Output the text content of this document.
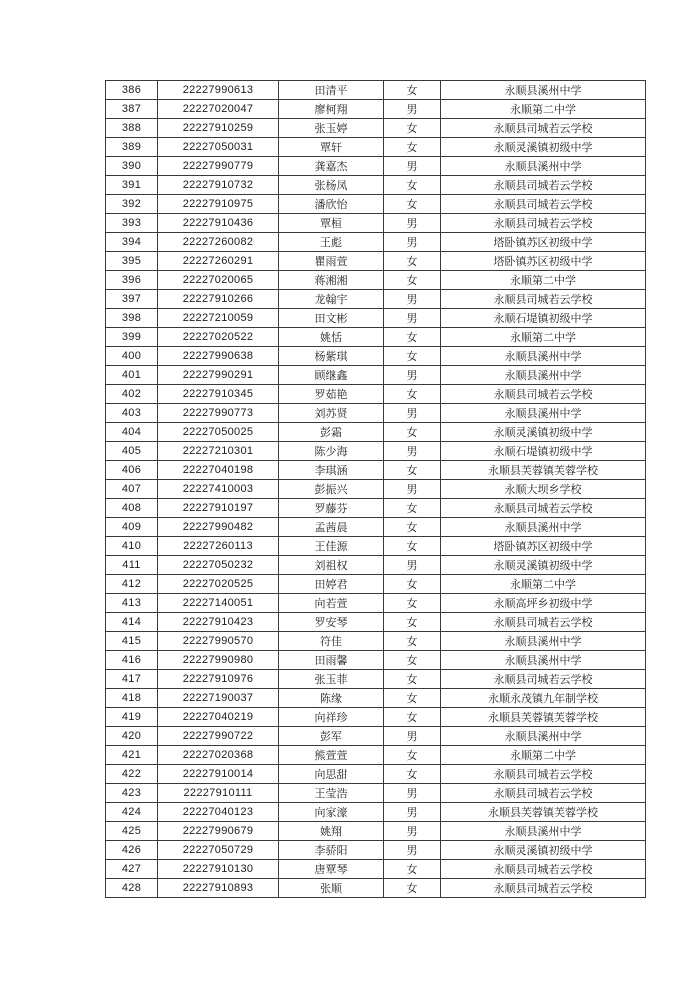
386	22227990613	田清平	女	永顺县溪州中学
387	22227020047	廖柯翔	男	永顺第二中学
388	22227910259	张玉婷	女	永顺县司城若云学校
389	22227050031	覃轩	女	永顺灵溪镇初级中学
390	22227990779	龚嘉杰	男	永顺县溪州中学
391	22227910732	张杨凤	女	永顺县司城若云学校
392	22227910975	潘欣怡	女	永顺县司城若云学校
393	22227910436	覃桓	男	永顺县司城若云学校
394	22227260082	王彪	男	塔卧镇苏区初级中学
395	22227260291	瞿雨萱	女	塔卧镇苏区初级中学
396	22227020065	蒋湘湘	女	永顺第二中学
397	22227910266	龙翰宇	男	永顺县司城若云学校
398	22227210059	田文彬	男	永顺石堤镇初级中学
399	22227020522	姚恬	女	永顺第二中学
400	22227990638	杨紫琪	女	永顺县溪州中学
401	22227990291	顾继鑫	男	永顺县溪州中学
402	22227910345	罗茹艳	女	永顺县司城若云学校
403	22227990773	刘苏贤	男	永顺县溪州中学
404	22227050025	彭霜	女	永顺灵溪镇初级中学
405	22227210301	陈少海	男	永顺石堤镇初级中学
406	22227040198	李琪涵	女	永顺县芙蓉镇芙蓉学校
407	22227410003	彭振兴	男	永顺大坝乡学校
408	22227910197	罗藤芬	女	永顺县司城若云学校
409	22227990482	孟茜晨	女	永顺县溪州中学
410	22227260113	王佳源	女	塔卧镇苏区初级中学
411	22227050232	刘祖权	男	永顺灵溪镇初级中学
412	22227020525	田婷君	女	永顺第二中学
413	22227140051	向若萱	女	永顺高坪乡初级中学
414	22227910423	罗安琴	女	永顺县司城若云学校
415	22227990570	符佳	女	永顺县溪州中学
416	22227990980	田雨馨	女	永顺县溪州中学
417	22227910976	张玉菲	女	永顺县司城若云学校
418	22227190037	陈缘	女	永顺永茂镇九年制学校
419	22227040219	向祥珍	女	永顺县芙蓉镇芙蓉学校
420	22227990722	彭军	男	永顺县溪州中学
421	22227020368	熊萱萱	女	永顺第二中学
422	22227910014	向思甜	女	永顺县司城若云学校
423	22227910111	王莹浩	男	永顺县司城若云学校
424	22227040123	向家濠	男	永顺县芙蓉镇芙蓉学校
425	22227990679	姚翔	男	永顺县溪州中学
426	22227050729	李骄阳	男	永顺灵溪镇初级中学
427	22227910130	唐覃琴	女	永顺县司城若云学校
428	22227910893	张顺	女	永顺县司城若云学校
